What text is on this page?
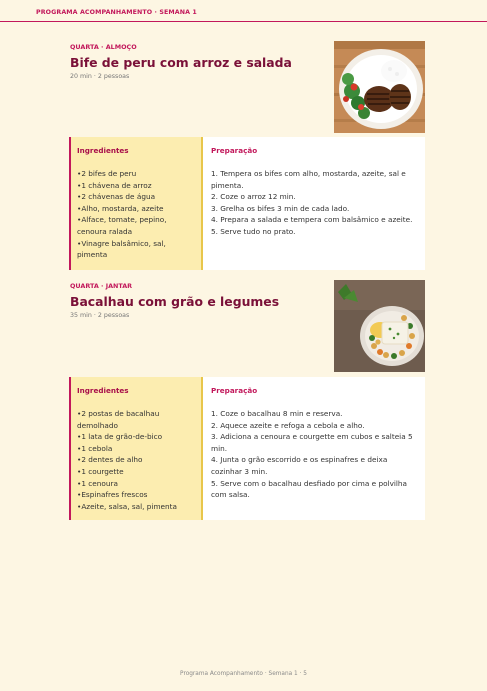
PROGRAMA ACOMPANHAMENTO · SEMANA 1
QUARTA · ALMOÇO
Bife de peru com arroz e salada
20 min · 2 pessoas
Ingredientes
• 2 bifes de peru
• 1 chávena de arroz
• 2 chávenas de água
• Alho, mostarda, azeite
• Alface, tomate, pepino, cenoura ralada
• Vinagre balsâmico, sal, pimenta
Preparação
1. Tempera os bifes com alho, mostarda, azeite, sal e pimenta.
2. Coze o arroz 12 min.
3. Grelha os bifes 3 min de cada lado.
4. Prepara a salada e tempera com balsâmico e azeite.
5. Serve tudo no prato.
QUARTA · JANTAR
Bacalhau com grão e legumes
35 min · 2 pessoas
Ingredientes
• 2 postas de bacalhau demolhado
• 1 lata de grão-de-bico
• 1 cebola
• 2 dentes de alho
• 1 courgette
• 1 cenoura
• Espinafres frescos
• Azeite, salsa, sal, pimenta
Preparação
1. Coze o bacalhau 8 min e reserva.
2. Aquece azeite e refoga a cebola e alho.
3. Adiciona a cenoura e courgette em cubos e salteia 5 min.
4. Junta o grão escorrido e os espinafres e deixa cozinhar 3 min.
5. Serve com o bacalhau desfiado por cima e polvilha com salsa.
Programa Acompanhamento · Semana 1 · 5
